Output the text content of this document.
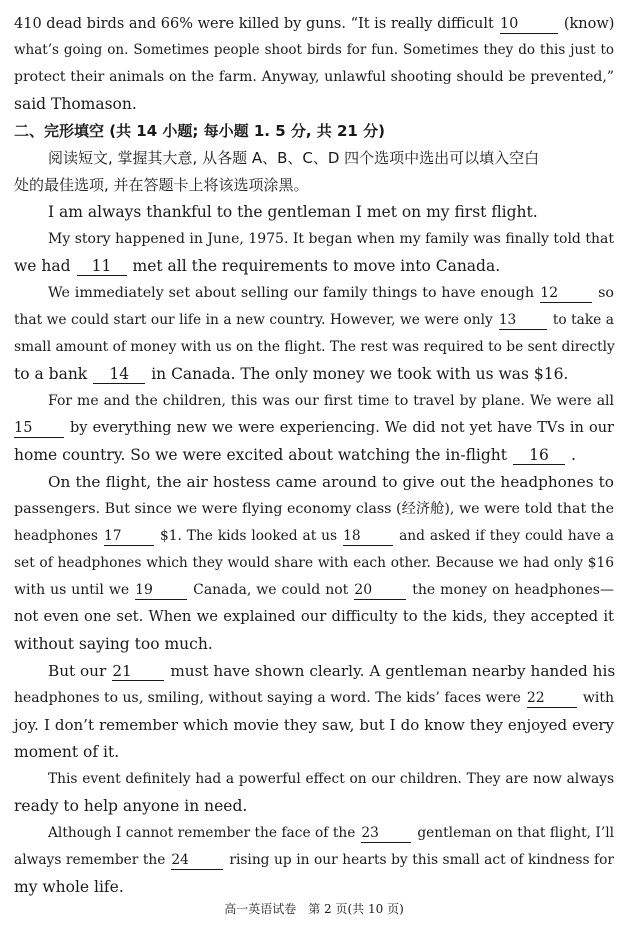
410 dead birds and 66% were killed by guns. “It is really difficult 10	(know)
what’s going on. Sometimes people shoot birds for fun. Sometimes they do this just to
protect their animals on the farm. Anyway, unlawful shooting should be prevented,”
said Thomason.
二、完形填空 (共 14 小题; 每小题 1. 5 分, 共 21 分)
阅读短文, 掌握其大意, 从各题 A、B、C、D 四个选项中选出可以填入空白
处的最佳选项, 并在答题卡上将该选项涂黑。
I am always thankful to the gentleman I met on my first flight.
My story happened in June, 1975. It began when my family was finally told that
we had 11 met all the requirements to move into Canada.
We immediately set about selling our family things to have enough 12	so
that we could start our life in a new country. However, we were only 13	to take a
small amount of money with us on the flight. The rest was required to be sent directly
to a bank 14 in Canada. The only money we took with us was $16.
For me and the children, this was our first time to travel by plane. We were all
15	by everything new we were experiencing. We did not yet have TVs in our
home country. So we were excited about watching the in-flight 16 .
On the flight, the air hostess came around to give out the headphones to
passengers. But since we were flying economy class (经济舱), we were told that the
headphones 17	$1. The kids looked at us 18	and asked if they could have a
set of headphones which they would share with each other. Because we had only $16
with us until we 19	Canada, we could not 20	the money on headphones—
not even one set. When we explained our difficulty to the kids, they accepted it
without saying too much.
But our 21	must have shown clearly. A gentleman nearby handed his
headphones to us, smiling, without saying a word. The kids’ faces were 22	with
joy. I don’t remember which movie they saw, but I do know they enjoyed every
moment of it.
This event definitely had a powerful effect on our children. They are now always
ready to help anyone in need.
Although I cannot remember the face of the 23	gentleman on that flight, I’ll
always remember the 24	rising up in our hearts by this small act of kindness for
my whole life.
高一英语试卷　第 2 页(共 10 页)
